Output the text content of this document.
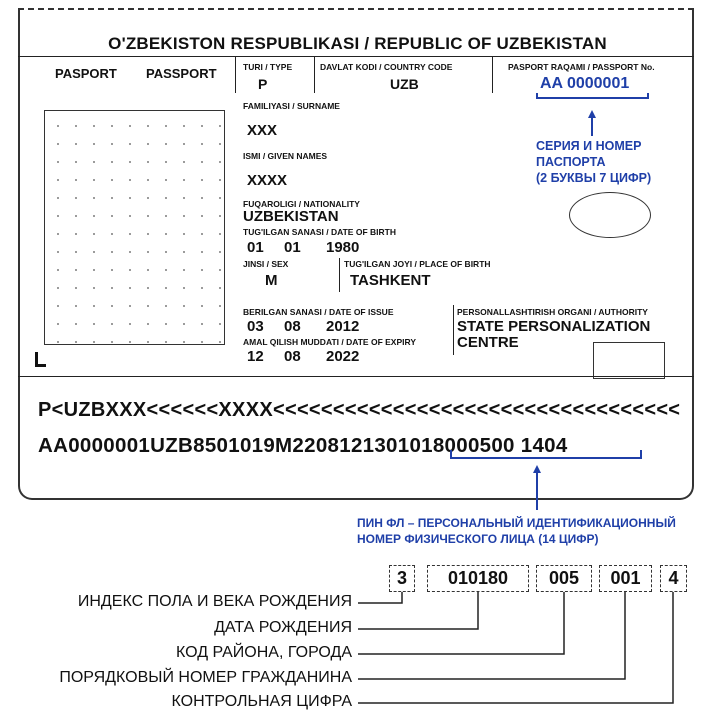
O'ZBEKISTON RESPUBLIKASI / REPUBLIC OF UZBEKISTAN
PASPORT PASSPORT	TURI / TYPE
P
DAVLAT KODI / COUNTRY CODE
UZB
PASPORT RAQAMI / PASSPORT No.
AA 0000001
FAMILIYASI / SURNAME
XXX
ISMI / GIVEN NAMES
XXXX
FUQAROLIGI / NATIONALITY
UZBEKISTAN
TUG'ILGAN SANASI / DATE OF BIRTH
01 01 1980
JINSI / SEX
M
TUG'ILGAN JOYI / PLACE OF BIRTH
TASHKENT
BERILGAN SANASI / DATE OF ISSUE
03 08 2012
AMAL QILISH MUDDATI / DATE OF EXPIRY
12 08 2022
PERSONALLASHTIRISH ORGANI / AUTHORITY
STATE PERSONALIZATION
CENTRE
СЕРИЯ И НОМЕР
ПАСПОРТА
(2 БУКВЫ 7 ЦИФР)
P<UZBXXX<<<<<<XXXX<<<<<<<<<<<<<<<<<<<<<<<<<<<<<<<<<<
AA0000001UZB8501019M2208121301018000500 1404
ПИН ФЛ – ПЕРСОНАЛЬНЫЙ ИДЕНТИФИКАЦИОННЫЙ
НОМЕР ФИЗИЧЕСКОГО ЛИЦА (14 ЦИФР)
3	010180	005	001	4
ИНДЕКС ПОЛА И ВЕКА РОЖДЕНИЯ
ДАТА РОЖДЕНИЯ
КОД РАЙОНА, ГОРОДА
ПОРЯДКОВЫЙ НОМЕР ГРАЖДАНИНА
КОНТРОЛЬНАЯ ЦИФРА
